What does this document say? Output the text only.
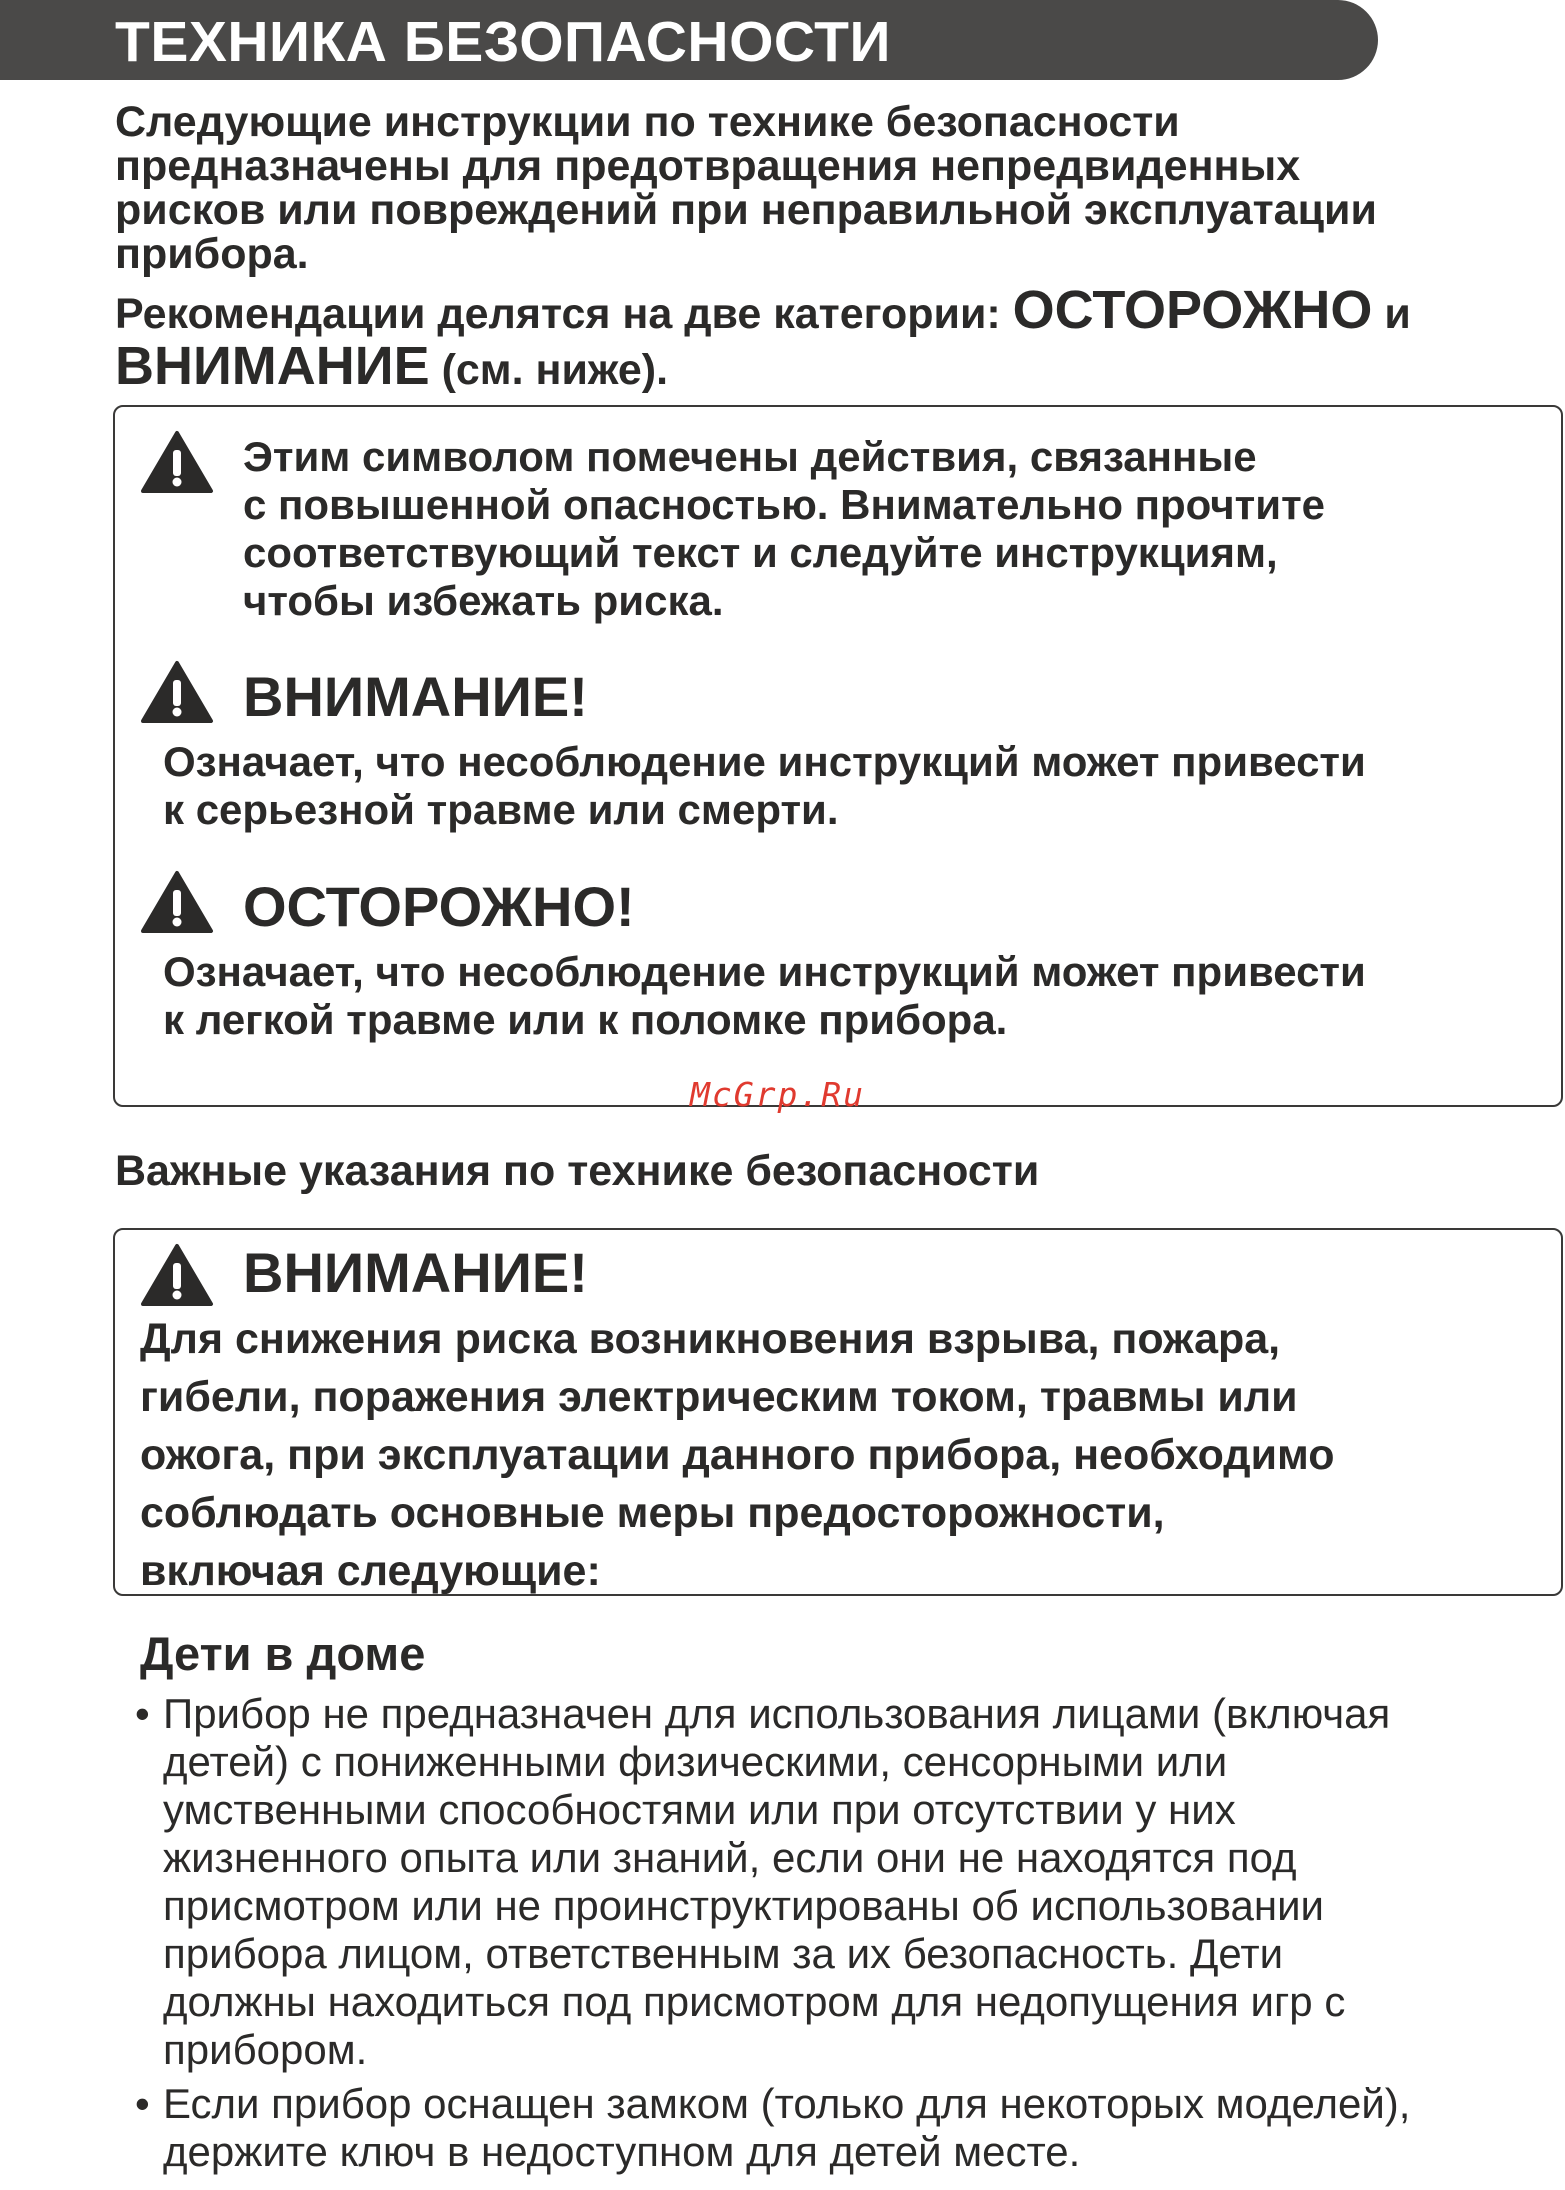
ТЕХНИКА БЕЗОПАСНОСТИ

Следующие инструкции по технике безопасности
предназначены для предотвращения непредвиденных
рисков или повреждений при неправильной эксплуатации
прибора.

Рекомендации делятся на две категории: ОСТОРОЖНО и
ВНИМАНИЕ (см. ниже).

Этим символом помечены действия, связанные
с повышенной опасностью. Внимательно прочтите
соответствующий текст и следуйте инструкциям,
чтобы избежать риска.
ВНИМАНИЕ!
Означает, что несоблюдение инструкций может привести
к серьезной травме или смерти.
ОСТОРОЖНО!
Означает, что несоблюдение инструкций может привести
к легкой травме или к поломке прибора.
McGrp.Ru
Важные указания по технике безопасности
ВНИМАНИЕ!
Для снижения риска возникновения взрыва, пожара,
гибели, поражения электрическим током, травмы или
ожога, при эксплуатации данного прибора, необходимо
соблюдать основные меры предосторожности,
включая следующие:
Дети в доме
• Прибор не предназначен для использования лицами (включая
детей) с пониженными физическими, сенсорными или
умственными способностями или при отсутствии у них
жизненного опыта или знаний, если они не находятся под
присмотром или не проинструктированы об использовании
прибора лицом, ответственным за их безопасность. Дети
должны находиться под присмотром для недопущения игр с
прибором.
• Если прибор оснащен замком (только для некоторых моделей),
держите ключ в недоступном для детей месте.
